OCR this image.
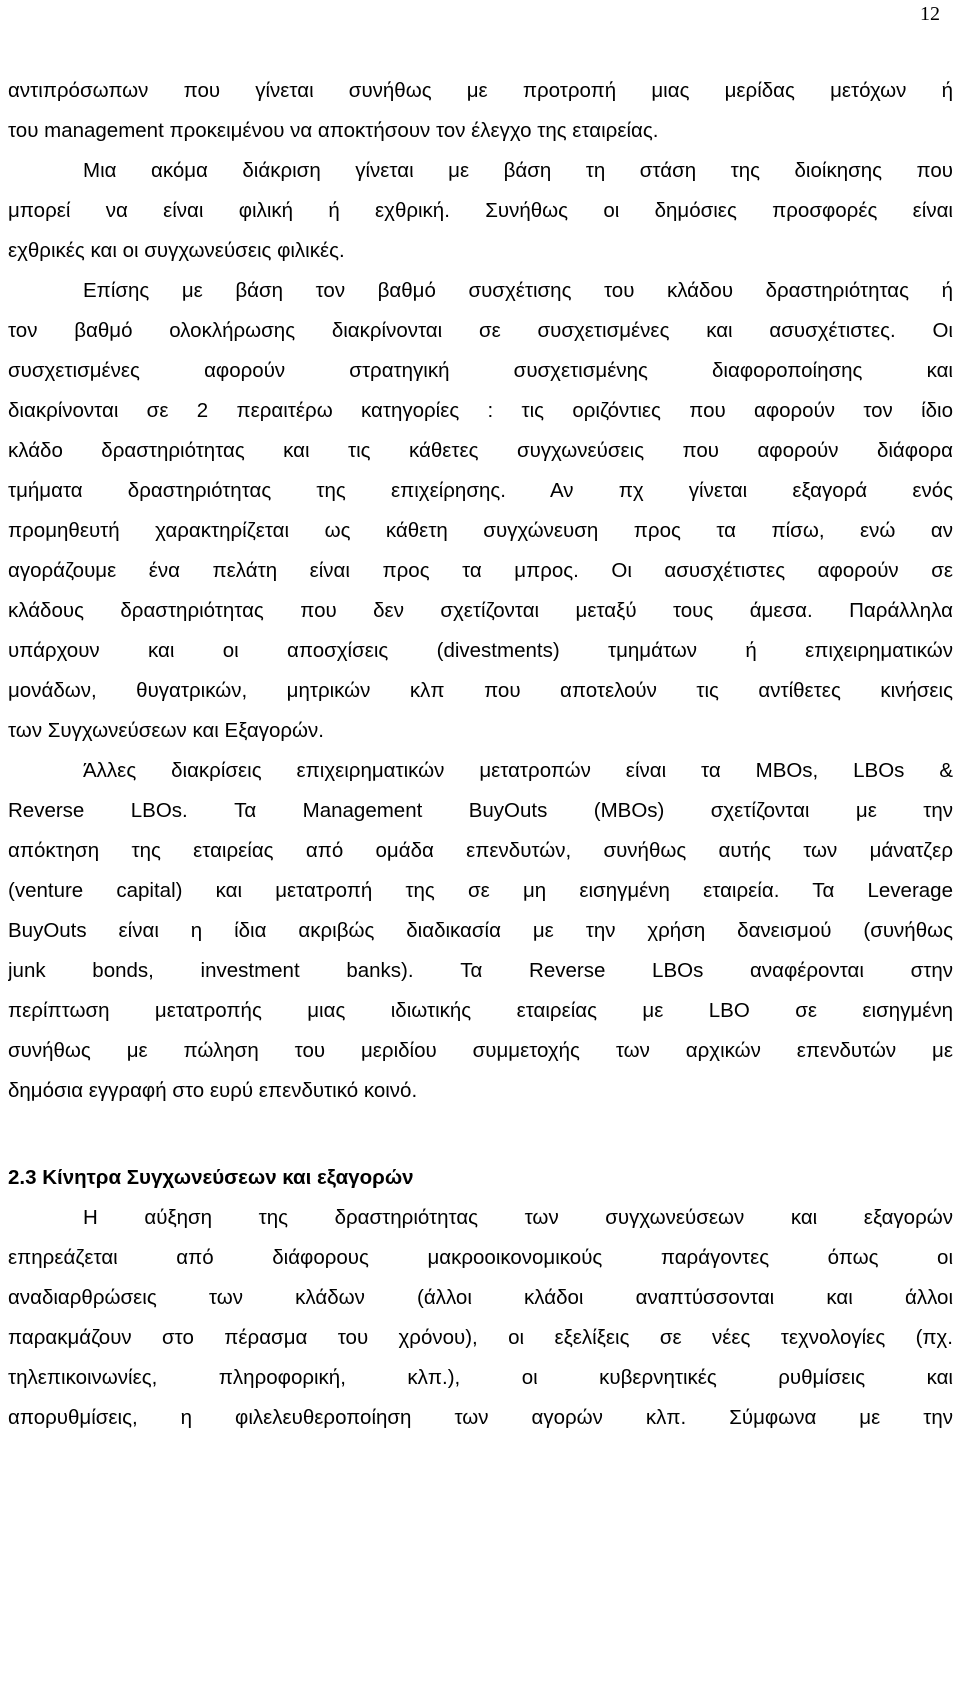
12
αντιπρόσωπων που γίνεται συνήθως με προτροπή μιας μερίδας μετόχων ή
του management προκειμένου να αποκτήσουν τον έλεγχο της εταιρείας.
Μια ακόμα διάκριση γίνεται με βάση τη στάση της διοίκησης που
μπορεί να είναι φιλική ή εχθρική. Συνήθως οι δημόσιες προσφορές είναι
εχθρικές και οι συγχωνεύσεις φιλικές.
Επίσης με βάση τον βαθμό συσχέτισης του κλάδου δραστηριότητας ή
τον βαθμό ολοκλήρωσης διακρίνονται σε συσχετισμένες και ασυσχέτιστες. Οι
συσχετισμένες αφορούν στρατηγική συσχετισμένης διαφοροποίησης και
διακρίνονται σε 2 περαιτέρω κατηγορίες : τις οριζόντιες που αφορούν τον ίδιο
κλάδο δραστηριότητας και τις κάθετες συγχωνεύσεις που αφορούν διάφορα
τμήματα δραστηριότητας της επιχείρησης. Αν πχ γίνεται εξαγορά ενός
προμηθευτή χαρακτηρίζεται ως κάθετη συγχώνευση προς τα πίσω, ενώ αν
αγοράζουμε ένα πελάτη είναι προς τα μπρος. Οι ασυσχέτιστες αφορούν σε
κλάδους δραστηριότητας που δεν σχετίζονται μεταξύ τους άμεσα. Παράλληλα
υπάρχουν και οι αποσχίσεις (divestments) τμημάτων ή επιχειρηματικών
μονάδων, θυγατρικών, μητρικών κλπ που αποτελούν τις αντίθετες κινήσεις
των Συγχωνεύσεων και Εξαγορών.
Άλλες διακρίσεις επιχειρηματικών μετατροπών είναι τα MBOs, LBOs &
Reverse LBOs. Τα Management BuyOuts (MBOs) σχετίζονται με την
απόκτηση της εταιρείας από ομάδα επενδυτών, συνήθως αυτής των μάνατζερ
(venture capital) και μετατροπή της σε μη εισηγμένη εταιρεία. Τα Leverage
BuyOuts είναι η ίδια ακριβώς διαδικασία με την χρήση δανεισμού (συνήθως
junk bonds, investment banks). Τα Reverse LBOs αναφέρονται στην
περίπτωση μετατροπής μιας ιδιωτικής εταιρείας με LBO σε εισηγμένη
συνήθως με πώληση του μεριδίου συμμετοχής των αρχικών επενδυτών με
δημόσια εγγραφή στο ευρύ επενδυτικό κοινό.
2.3 Κίνητρα Συγχωνεύσεων και εξαγορών
Η αύξηση της δραστηριότητας των συγχωνεύσεων και εξαγορών
επηρεάζεται από διάφορους μακροοικονομικούς παράγοντες όπως οι
αναδιαρθρώσεις των κλάδων (άλλοι κλάδοι αναπτύσσονται και άλλοι
παρακμάζουν στο πέρασμα του χρόνου), οι εξελίξεις σε νέες τεχνολογίες (πχ.
τηλεπικοινωνίες, πληροφορική, κλπ.), οι κυβερνητικές ρυθμίσεις και
απορυθμίσεις, η φιλελευθεροποίηση των αγορών κλπ. Σύμφωνα με την
